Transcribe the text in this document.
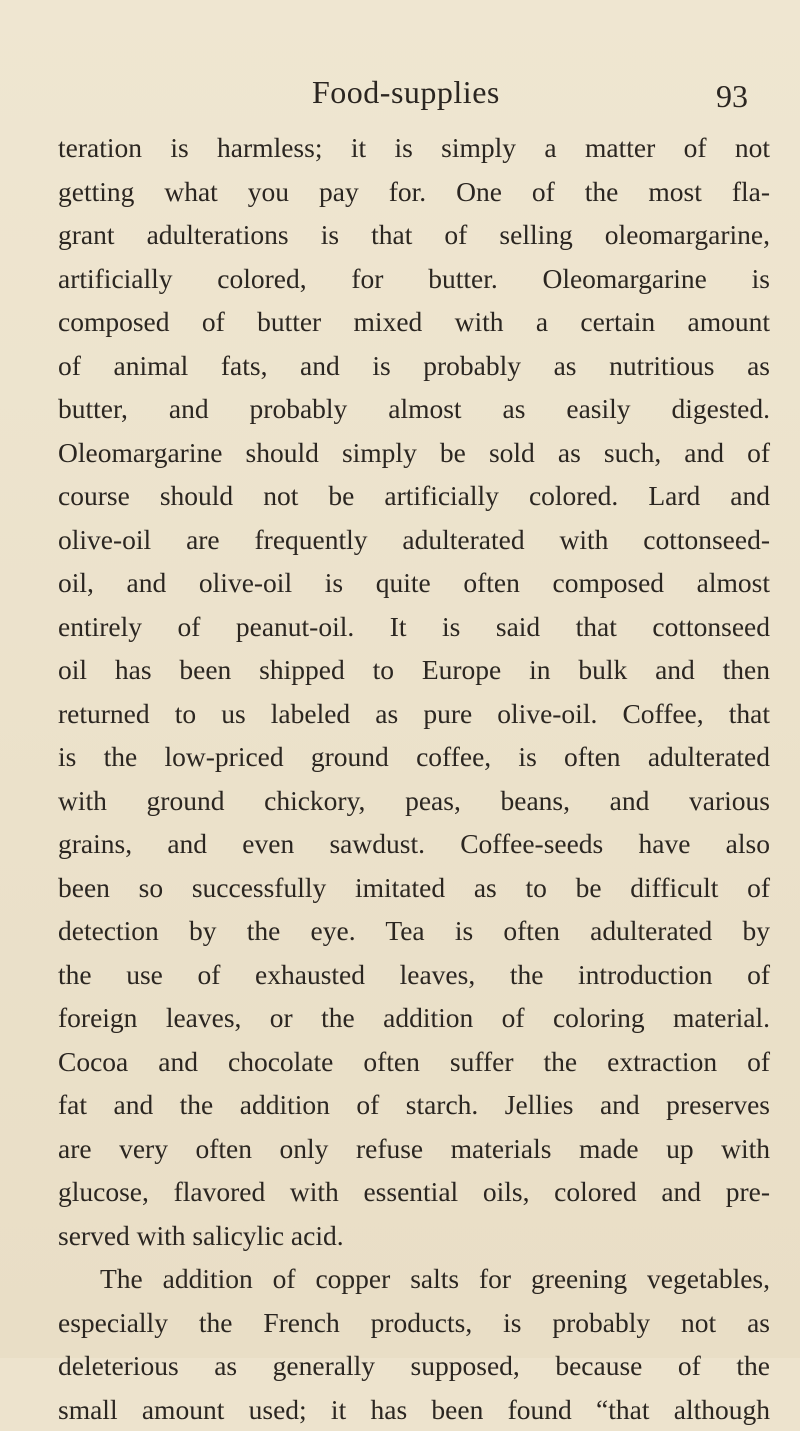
Food-supplies	93
teration is harmless; it is simply a matter of not
getting what you pay for. One of the most fla-
grant adulterations is that of selling oleomargarine,
artificially colored, for butter. Oleomargarine is
composed of butter mixed with a certain amount
of animal fats, and is probably as nutritious as
butter, and probably almost as easily digested.
Oleomargarine should simply be sold as such, and of
course should not be artificially colored. Lard and
olive-oil are frequently adulterated with cottonseed-
oil, and olive-oil is quite often composed almost
entirely of peanut-oil. It is said that cottonseed
oil has been shipped to Europe in bulk and then
returned to us labeled as pure olive-oil. Coffee, that
is the low-priced ground coffee, is often adulterated
with ground chickory, peas, beans, and various
grains, and even sawdust. Coffee-seeds have also
been so successfully imitated as to be difficult of
detection by the eye. Tea is often adulterated by
the use of exhausted leaves, the introduction of
foreign leaves, or the addition of coloring material.
Cocoa and chocolate often suffer the extraction of
fat and the addition of starch. Jellies and preserves
are very often only refuse materials made up with
glucose, flavored with essential oils, colored and pre-
served with salicylic acid.
The addition of copper salts for greening vegetables,
especially the French products, is probably not as
deleterious as generally supposed, because of the
small amount used; it has been found “that although
